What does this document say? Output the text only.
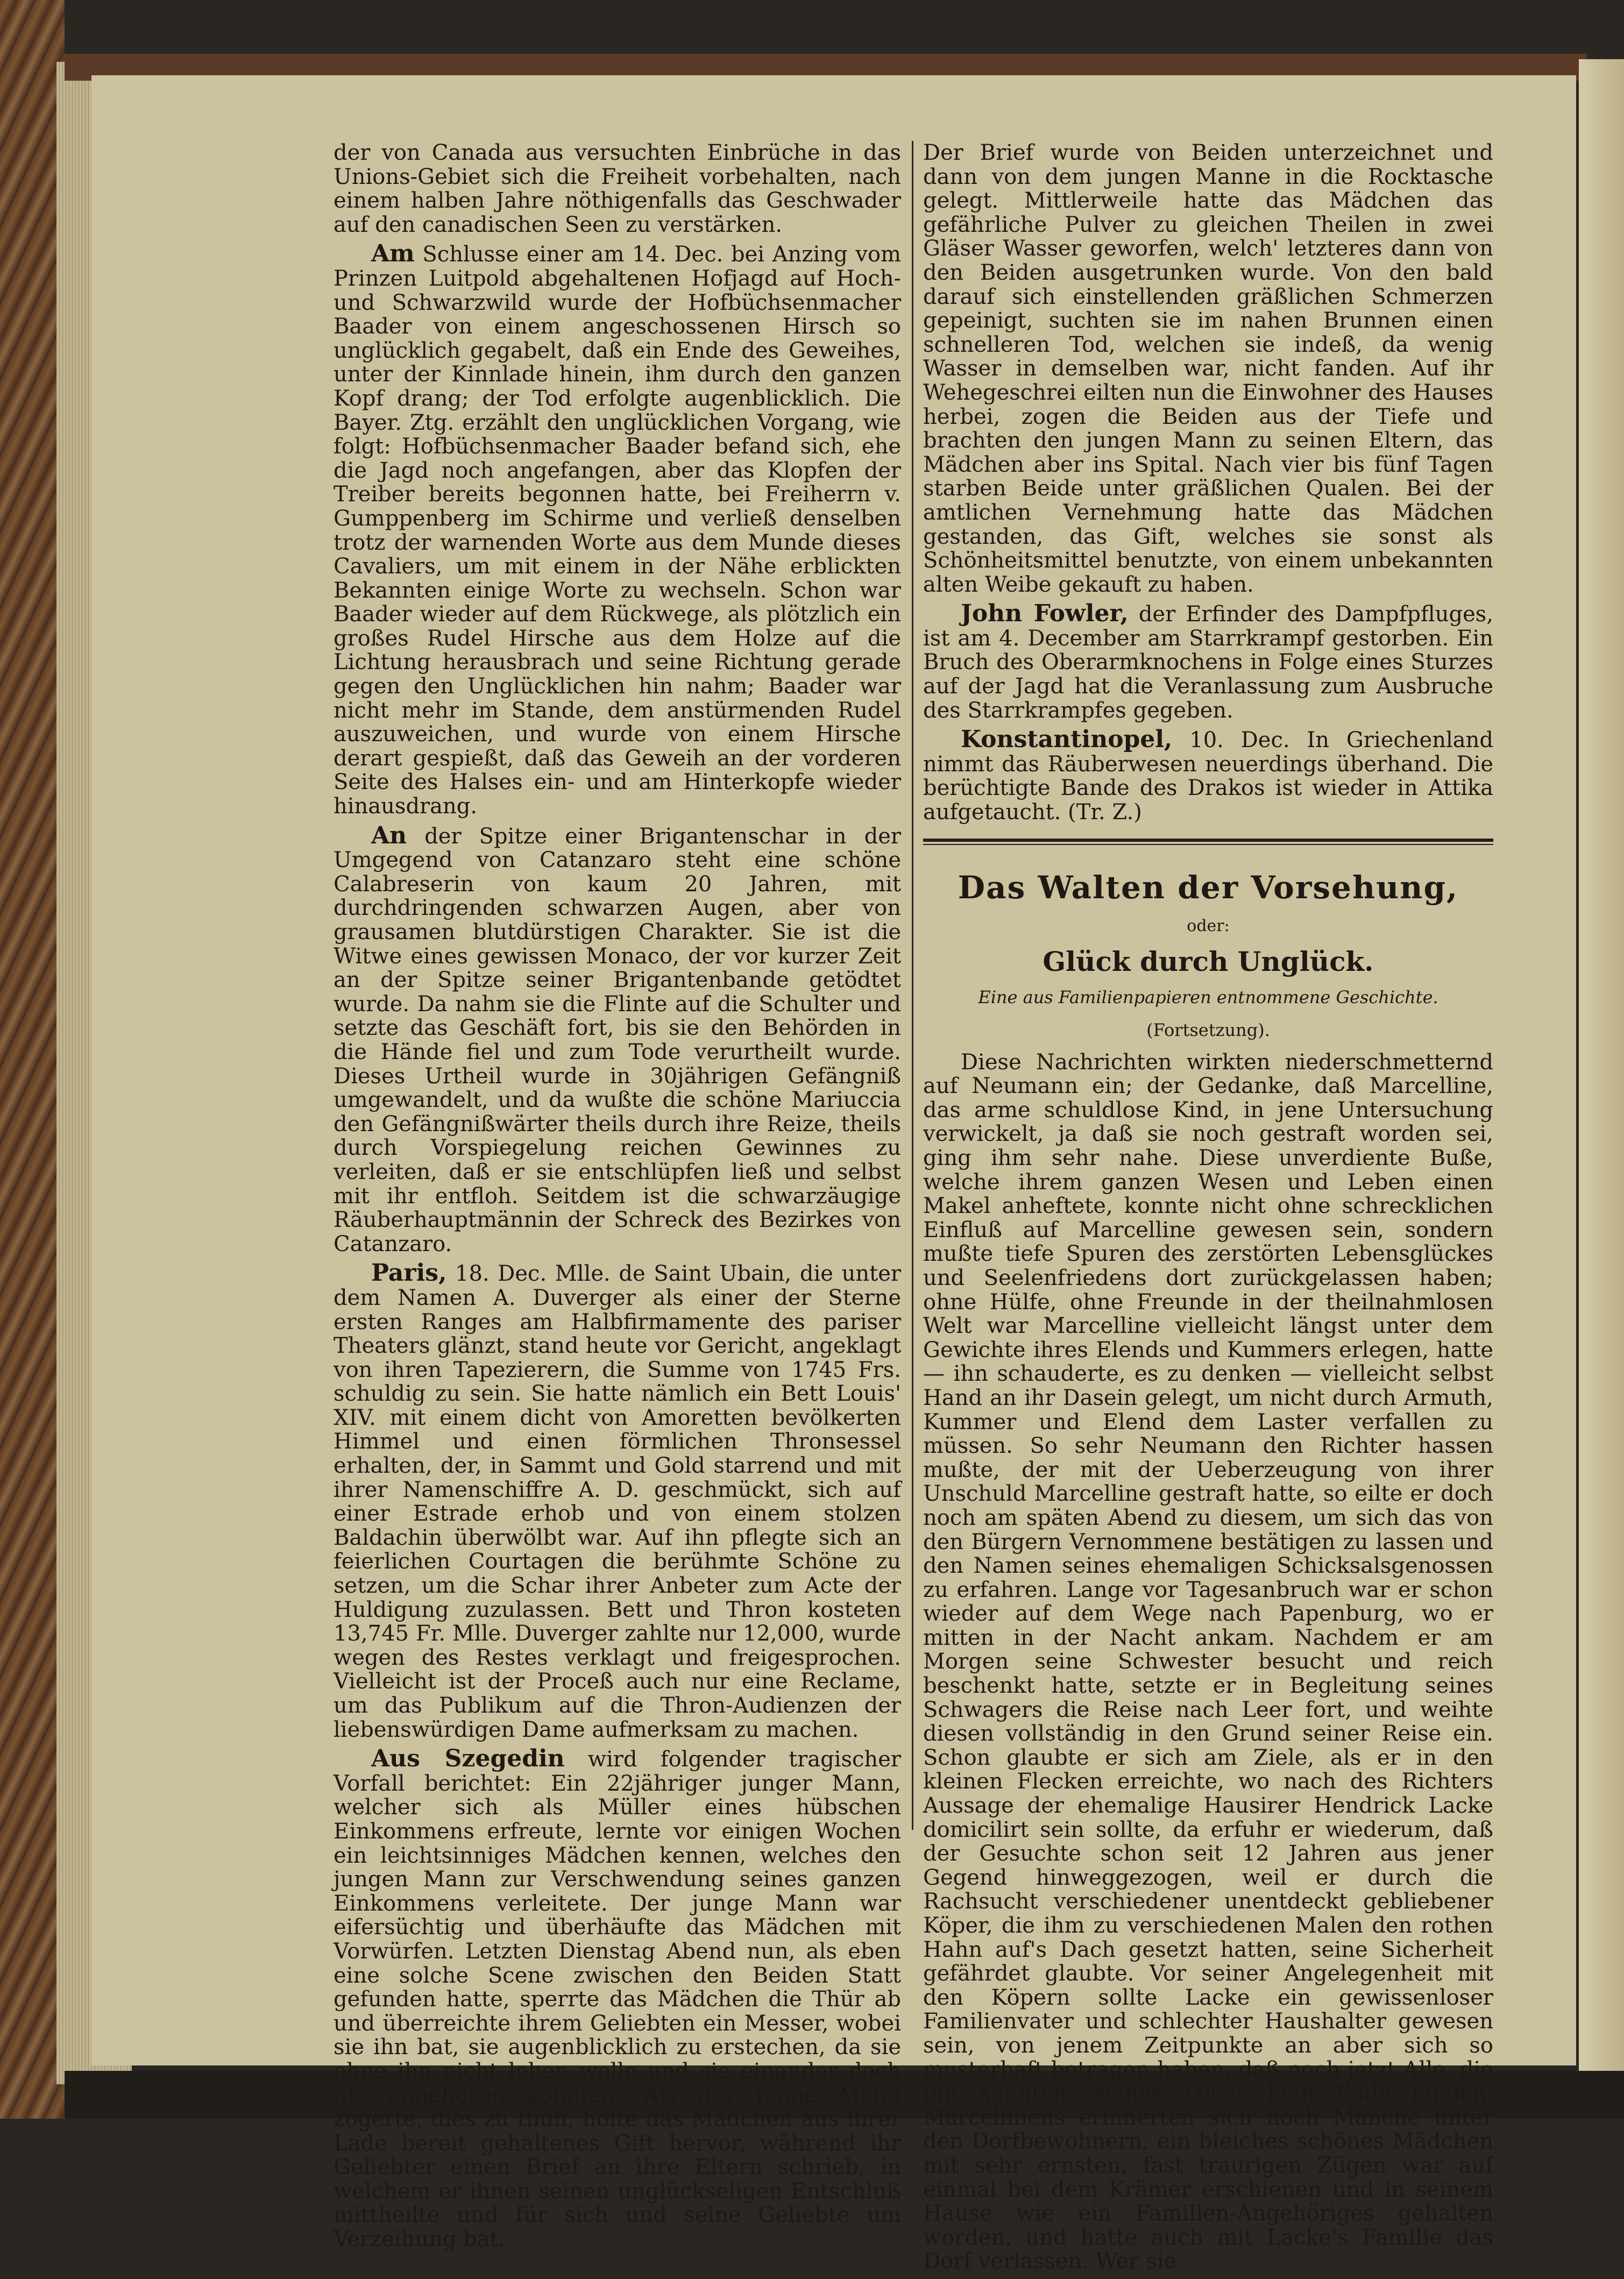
der von Canada aus versuchten Einbrüche in das Unions-Gebiet sich die Freiheit vorbehalten, nach einem halben Jahre nöthigenfalls das Geschwader auf den canadischen Seen zu verstärken.

Am Schlusse einer am 14. Dec. bei Anzing vom Prinzen Luitpold abgehaltenen Hofjagd auf Hoch- und Schwarzwild wurde der Hofbüchsenmacher Baader von einem angeschossenen Hirsch so unglücklich gegabelt, daß ein Ende des Geweihes, unter der Kinnlade hinein, ihm durch den ganzen Kopf drang; der Tod erfolgte augenblicklich. Die Bayer. Ztg. erzählt den unglücklichen Vorgang, wie folgt: Hofbüchsenmacher Baader befand sich, ehe die Jagd noch angefangen, aber das Klopfen der Treiber bereits begonnen hatte, bei Freiherrn v. Gumppenberg im Schirme und verließ denselben trotz der warnenden Worte aus dem Munde dieses Cavaliers, um mit einem in der Nähe erblickten Bekannten einige Worte zu wechseln. Schon war Baader wieder auf dem Rückwege, als plötzlich ein großes Rudel Hirsche aus dem Holze auf die Lichtung herausbrach und seine Richtung gerade gegen den Unglücklichen hin nahm; Baader war nicht mehr im Stande, dem anstürmenden Rudel auszuweichen, und wurde von einem Hirsche derart gespießt, daß das Geweih an der vorderen Seite des Halses ein- und am Hinterkopfe wieder hinausdrang.

An der Spitze einer Brigantenschar in der Umgegend von Catanzaro steht eine schöne Calabreserin von kaum 20 Jahren, mit durchdringenden schwarzen Augen, aber von grausamen blutdürstigen Charakter. Sie ist die Witwe eines gewissen Monaco, der vor kurzer Zeit an der Spitze seiner Brigantenbande getödtet wurde. Da nahm sie die Flinte auf die Schulter und setzte das Geschäft fort, bis sie den Behörden in die Hände fiel und zum Tode verurtheilt wurde. Dieses Urtheil wurde in 30jährigen Gefängniß umgewandelt, und da wußte die schöne Mariuccia den Gefängnißwärter theils durch ihre Reize, theils durch Vorspiegelung reichen Gewinnes zu verleiten, daß er sie entschlüpfen ließ und selbst mit ihr entfloh. Seitdem ist die schwarzäugige Räuberhauptmännin der Schreck des Bezirkes von Catanzaro.

Paris, 18. Dec. Mlle. de Saint Ubain, die unter dem Namen A. Duverger als einer der Sterne ersten Ranges am Halbfirmamente des pariser Theaters glänzt, stand heute vor Gericht, angeklagt von ihren Tapezierern, die Summe von 1745 Frs. schuldig zu sein. Sie hatte nämlich ein Bett Louis' XIV. mit einem dicht von Amoretten bevölkerten Himmel und einen förmlichen Thronsessel erhalten, der, in Sammt und Gold starrend und mit ihrer Namenschiffre A. D. geschmückt, sich auf einer Estrade erhob und von einem stolzen Baldachin überwölbt war. Auf ihn pflegte sich an feierlichen Courtagen die berühmte Schöne zu setzen, um die Schar ihrer Anbeter zum Acte der Huldigung zuzulassen. Bett und Thron kosteten 13,745 Fr. Mlle. Duverger zahlte nur 12,000, wurde wegen des Restes verklagt und freigesprochen. Vielleicht ist der Proceß auch nur eine Reclame, um das Publikum auf die Thron-Audienzen der liebenswürdigen Dame aufmerksam zu machen.

Aus Szegedin wird folgender tragischer Vorfall berichtet: Ein 22jähriger junger Mann, welcher sich als Müller eines hübschen Einkommens erfreute, lernte vor einigen Wochen ein leichtsinniges Mädchen kennen, welches den jungen Mann zur Verschwendung seines ganzen Einkommens verleitete. Der junge Mann war eifersüchtig und überhäufte das Mädchen mit Vorwürfen. Letzten Dienstag Abend nun, als eben eine solche Scene zwischen den Beiden Statt gefunden hatte, sperrte das Mädchen die Thür ab und überreichte ihrem Geliebten ein Messer, wobei sie ihn bat, sie augenblicklich zu erstechen, da sie ohne ihn nicht leben wolle und sie einander doch nie angehören könnten. Als der junge Mann zögerte, dies zu thun, holte das Mädchen aus ihrer Lade bereit gehaltenes Gift hervor, während ihr Geliebter einen Brief an ihre Eltern schrieb, in welchem er ihnen seinen unglückseligen Entschluß mittheilte und für sich und seine Geliebte um Verzeihung bat.

Der Brief wurde von Beiden unterzeichnet und dann von dem jungen Manne in die Rocktasche gelegt. Mittlerweile hatte das Mädchen das gefährliche Pulver zu gleichen Theilen in zwei Gläser Wasser geworfen, welch' letzteres dann von den Beiden ausgetrunken wurde. Von den bald darauf sich einstellenden gräßlichen Schmerzen gepeinigt, suchten sie im nahen Brunnen einen schnelleren Tod, welchen sie indeß, da wenig Wasser in demselben war, nicht fanden. Auf ihr Wehegeschrei eilten nun die Einwohner des Hauses herbei, zogen die Beiden aus der Tiefe und brachten den jungen Mann zu seinen Eltern, das Mädchen aber ins Spital. Nach vier bis fünf Tagen starben Beide unter gräßlichen Qualen. Bei der amtlichen Vernehmung hatte das Mädchen gestanden, das Gift, welches sie sonst als Schönheitsmittel benutzte, von einem unbekannten alten Weibe gekauft zu haben.

John Fowler, der Erfinder des Dampfpfluges, ist am 4. December am Starrkrampf gestorben. Ein Bruch des Oberarmknochens in Folge eines Sturzes auf der Jagd hat die Veranlassung zum Ausbruche des Starrkrampfes gegeben.

Konstantinopel, 10. Dec. In Griechenland nimmt das Räuberwesen neuerdings überhand. Die berüchtigte Bande des Drakos ist wieder in Attika aufgetaucht. (Tr. Z.)

Das Walten der Vorsehung,

oder:

Glück durch Unglück.

Eine aus Familienpapieren entnommene Geschichte.

(Fortsetzung).

Diese Nachrichten wirkten niederschmetternd auf Neumann ein; der Gedanke, daß Marcelline, das arme schuldlose Kind, in jene Untersuchung verwickelt, ja daß sie noch gestraft worden sei, ging ihm sehr nahe. Diese unverdiente Buße, welche ihrem ganzen Wesen und Leben einen Makel anheftete, konnte nicht ohne schrecklichen Einfluß auf Marcelline gewesen sein, sondern mußte tiefe Spuren des zerstörten Lebensglückes und Seelenfriedens dort zurückgelassen haben; ohne Hülfe, ohne Freunde in der theilnahmlosen Welt war Marcelline vielleicht längst unter dem Gewichte ihres Elends und Kummers erlegen, hatte — ihn schauderte, es zu denken — vielleicht selbst Hand an ihr Dasein gelegt, um nicht durch Armuth, Kummer und Elend dem Laster verfallen zu müssen. So sehr Neumann den Richter hassen mußte, der mit der Ueberzeugung von ihrer Unschuld Marcelline gestraft hatte, so eilte er doch noch am späten Abend zu diesem, um sich das von den Bürgern Vernommene bestätigen zu lassen und den Namen seines ehemaligen Schicksalsgenossen zu erfahren. Lange vor Tagesanbruch war er schon wieder auf dem Wege nach Papenburg, wo er mitten in der Nacht ankam. Nachdem er am Morgen seine Schwester besucht und reich beschenkt hatte, setzte er in Begleitung seines Schwagers die Reise nach Leer fort, und weihte diesen vollständig in den Grund seiner Reise ein. Schon glaubte er sich am Ziele, als er in den kleinen Flecken erreichte, wo nach des Richters Aussage der ehemalige Hausirer Hendrick Lacke domicilirt sein sollte, da erfuhr er wiederum, daß der Gesuchte schon seit 12 Jahren aus jener Gegend hinweggezogen, weil er durch die Rachsucht verschiedener unentdeckt gebliebener Köper, die ihm zu verschiedenen Malen den rothen Hahn auf's Dach gesetzt hatten, seine Sicherheit gefährdet glaubte. Vor seiner Angelegenheit mit den Köpern sollte Lacke ein gewissenloser Familienvater und schlechter Haushalter gewesen sein, von jenem Zeitpunkte an aber sich so musterhaft betragen haben, daß noch jetzt Alle, die ihn kannten, seines Lobes kein Ende fanden. Marcellinens erinnerten sich noch Manche unter den Dorfbewohnern, ein bleiches schönes Mädchen mit sehr ernsten, fast traurigen Zügen war auf einmal bei dem Krämer erschienen und in seinem Hause wie ein Familien-Angehöriges gehalten worden, und hatte auch mit Lacke's Familie das Dorf verlassen. Wer sie
